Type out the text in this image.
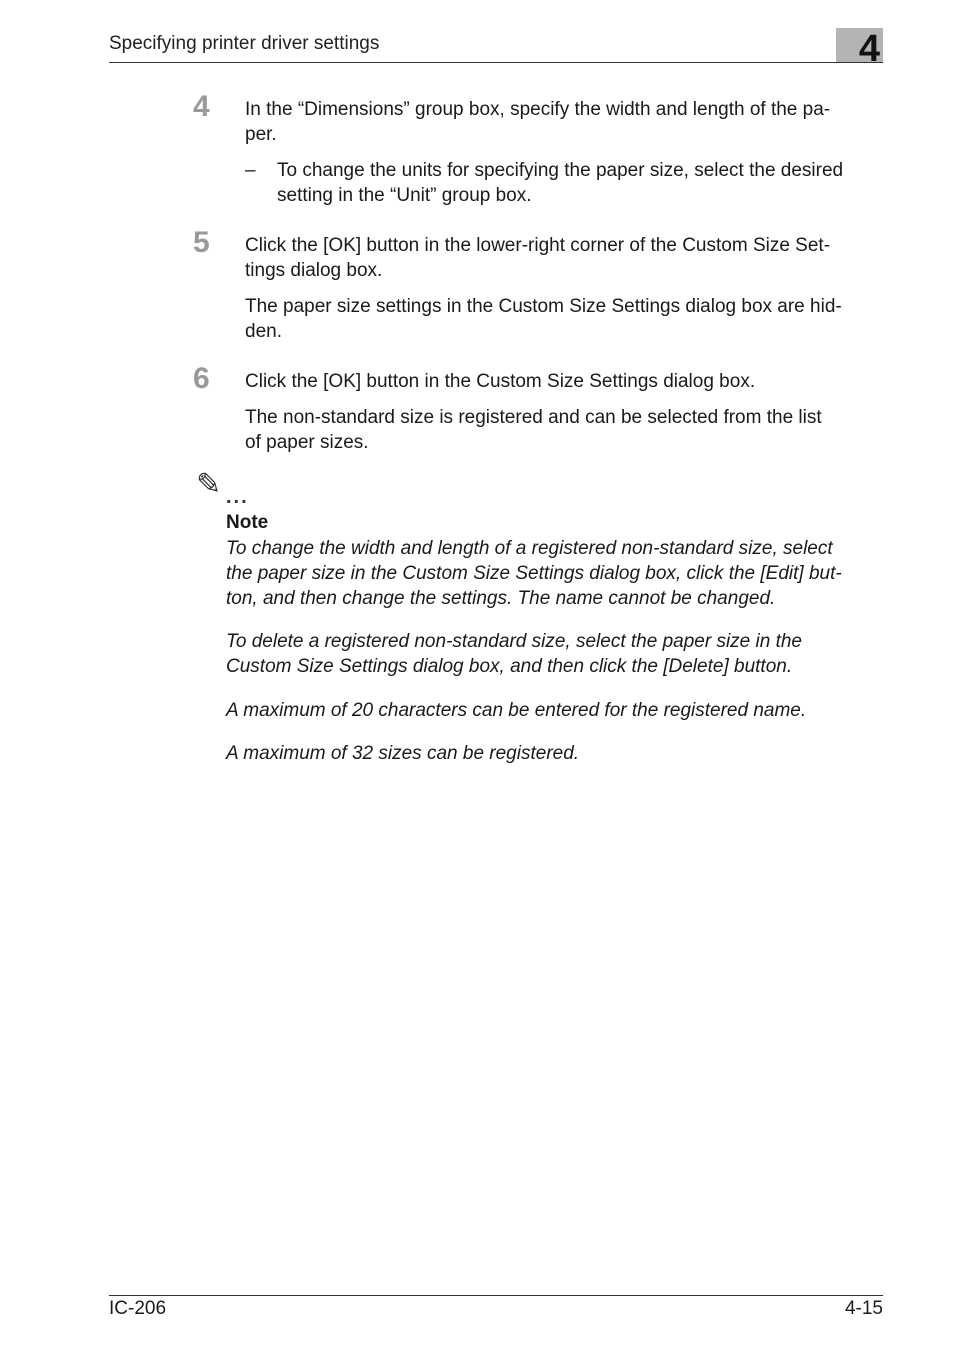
Specifying printer driver settings	4
4 In the “Dimensions” group box, specify the width and length of the pa-
per.
– To change the units for specifying the paper size, select the desired
setting in the “Unit” group box.
5 Click the [OK] button in the lower-right corner of the Custom Size Set-
tings dialog box.
The paper size settings in the Custom Size Settings dialog box are hid-
den.
6 Click the [OK] button in the Custom Size Settings dialog box.
The non-standard size is registered and can be selected from the list
of paper sizes.
✎ ...
Note
To change the width and length of a registered non-standard size, select
the paper size in the Custom Size Settings dialog box, click the [Edit] but-
ton, and then change the settings. The name cannot be changed.
To delete a registered non-standard size, select the paper size in the
Custom Size Settings dialog box, and then click the [Delete] button.
A maximum of 20 characters can be entered for the registered name.
A maximum of 32 sizes can be registered.
IC-206	4-15
